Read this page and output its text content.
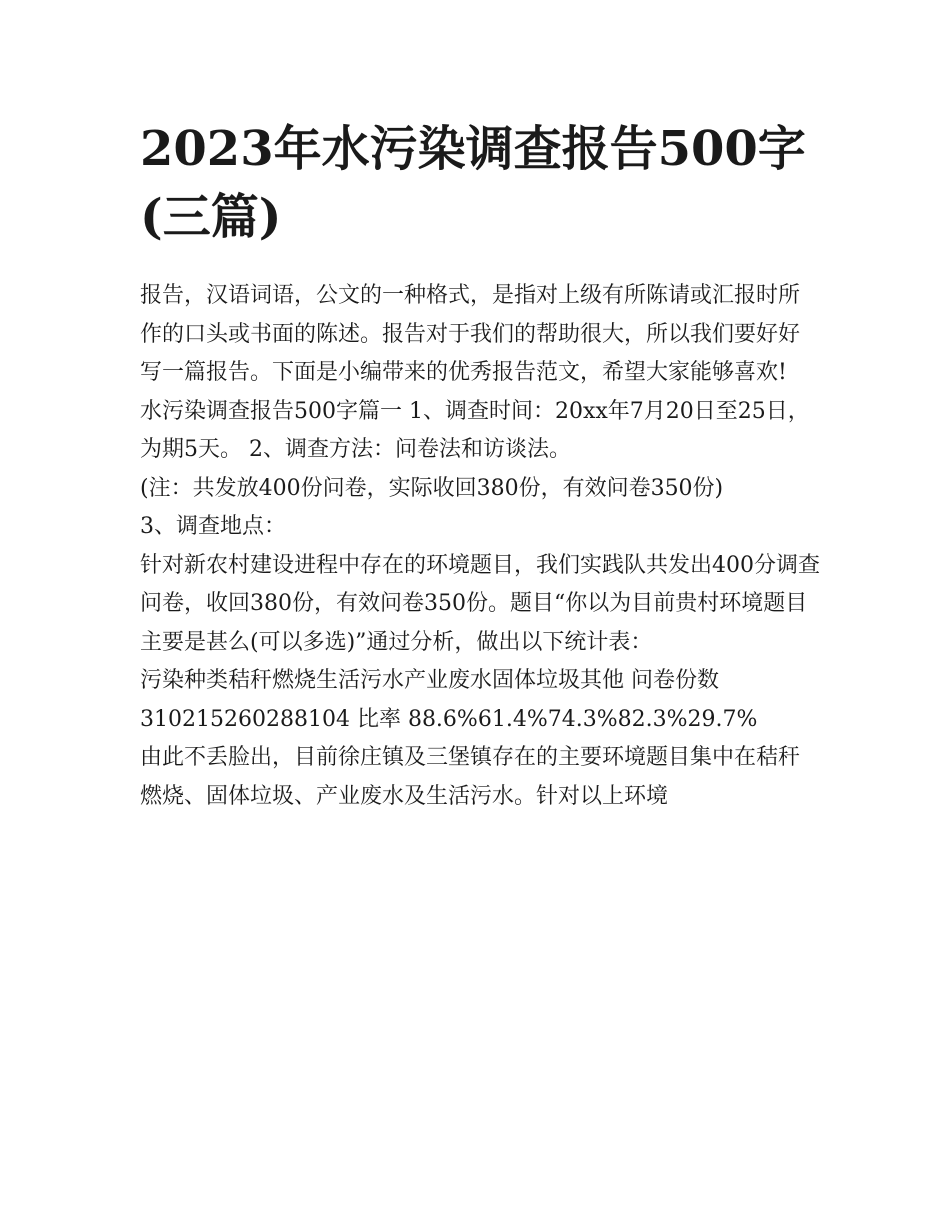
2023年水污染调查报告500字(三篇)

报告，汉语词语，公文的一种格式，是指对上级有所陈请或汇报时所作的口头或书面的陈述。报告对于我们的帮助很大，所以我们要好好写一篇报告。下面是小编带来的优秀报告范文，希望大家能够喜欢!

水污染调查报告500字篇一 1、调查时间：20xx年7月20日至25日，为期5天。 2、调查方法：问卷法和访谈法。

(注：共发放400份问卷，实际收回380份，有效问卷350份)

3、调查地点：

针对新农村建设进程中存在的环境题目，我们实践队共发出400分调查问卷，收回380份，有效问卷350份。题目“你以为目前贵村环境题目主要是甚么(可以多选)”通过分析，做出以下统计表：

污染种类秸秆燃烧生活污水产业废水固体垃圾其他 问卷份数

310215260288104 比率 88.6%61.4%74.3%82.3%29.7%

由此不丢脸出，目前徐庄镇及三堡镇存在的主要环境题目集中在秸秆燃烧、固体垃圾、产业废水及生活污水。针对以上环境
